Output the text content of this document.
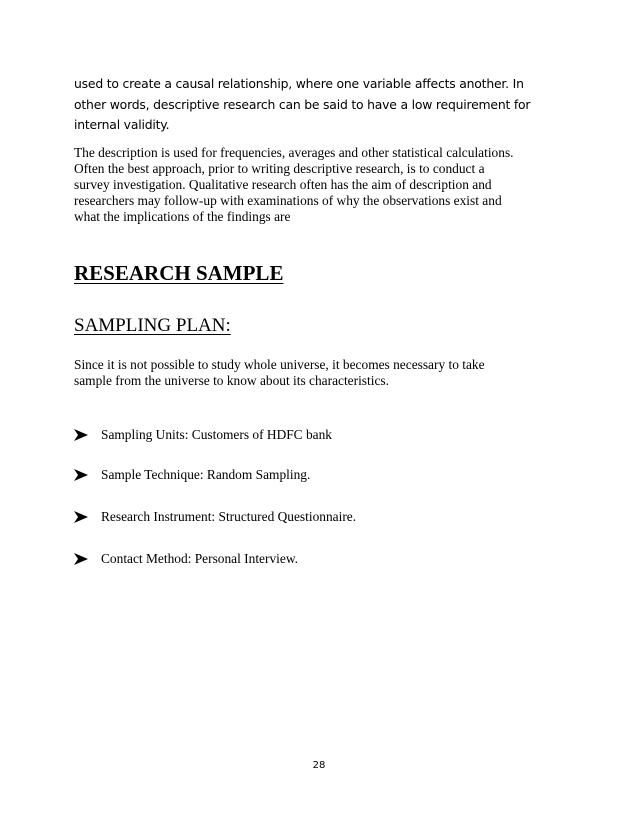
used to create a causal relationship, where one variable affects another. In
other words, descriptive research can be said to have a low requirement for
internal validity.
The description is used for frequencies, averages and other statistical calculations.
Often the best approach, prior to writing descriptive research, is to conduct a
survey investigation. Qualitative research often has the aim of description and
researchers may follow-up with examinations of why the observations exist and
what the implications of the findings are
RESEARCH SAMPLE
SAMPLING PLAN:
Since it is not possible to study whole universe, it becomes necessary to take
sample from the universe to know about its characteristics.
Sampling Units: Customers of HDFC bank
Sample Technique: Random Sampling.
Research Instrument: Structured Questionnaire.
Contact Method: Personal Interview.
28
